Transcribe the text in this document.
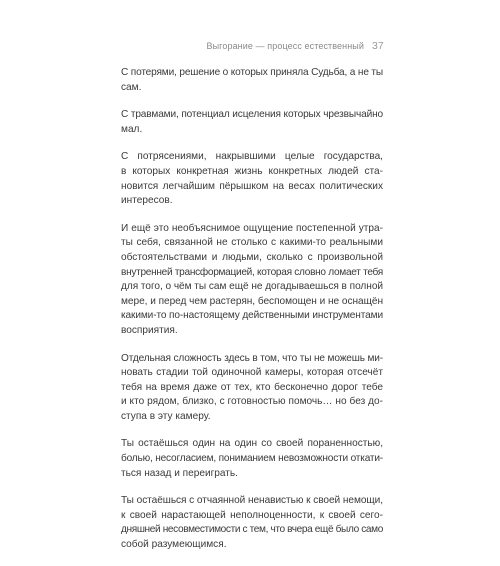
Выгорание — процесс естественный 37
С потерями, решение о которых приняла Судьба, а не ты
сам.
С травмами, потенциал исцеления которых чрезвычайно
мал.
С потрясениями, накрывшими целые государства,
в которых конкретная жизнь конкретных людей ста-
новится легчайшим пёрышком на весах политических
интересов.
И ещё это необъяснимое ощущение постепенной утра-
ты себя, связанной не столько с какими-то реальными
обстоятельствами и людьми, сколько с произвольной
внутренней трансформацией, которая словно ломает тебя
для того, о чём ты сам ещё не догадываешься в полной
мере, и перед чем растерян, беспомощен и не оснащён
какими-то по-настоящему действенными инструментами
восприятия.
Отдельная сложность здесь в том, что ты не можешь ми-
новать стадии той одиночной камеры, которая отсечёт
тебя на время даже от тех, кто бесконечно дорог тебе
и кто рядом, близко, с готовностью помочь… но без до-
ступа в эту камеру.
Ты остаёшься один на один со своей пораненностью,
болью, несогласием, пониманием невозможности откати-
ться назад и переиграть.
Ты остаёшься с отчаянной ненавистью к своей немощи,
к своей нарастающей неполноценности, к своей сего-
дняшней несовместимости с тем, что вчера ещё было само
собой разумеющимся.
